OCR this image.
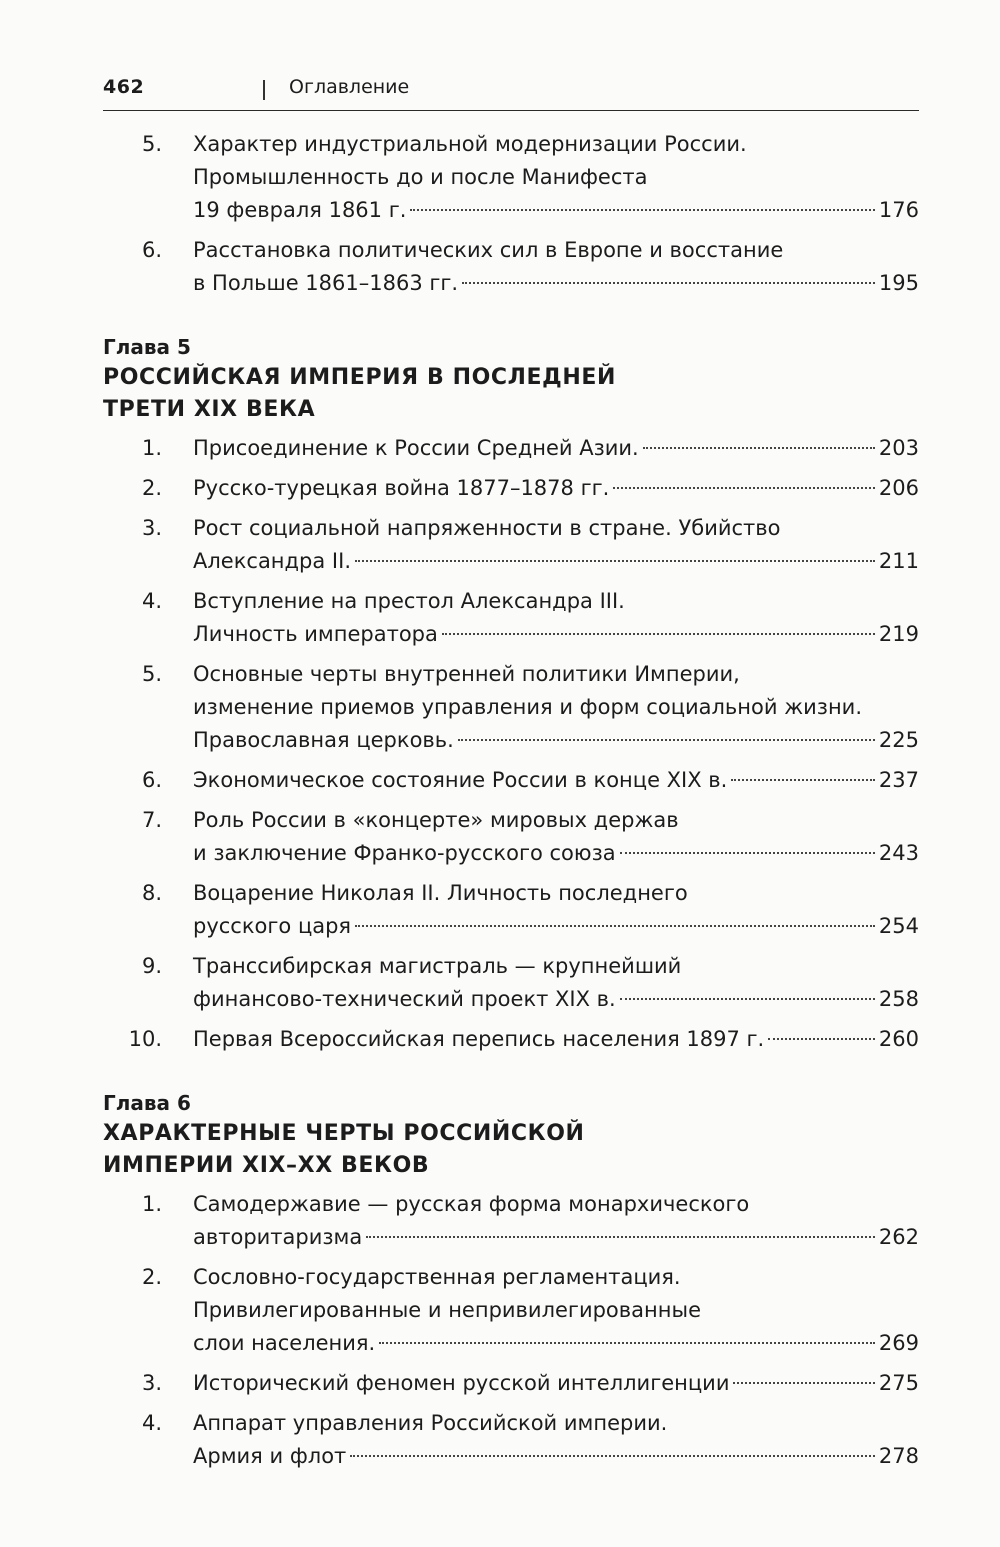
462	Оглавление
5. Характер индустриальной модернизации России.
Промышленность до и после Манифеста
19 февраля 1861 г.	176
6. Расстановка политических сил в Европе и восстание
в Польше 1861–1863 гг.	195
Глава 5
РОССИЙСКАЯ ИМПЕРИЯ В ПОСЛЕДНЕЙ
ТРЕТИ XIX ВЕКА
1. Присоединение к России Средней Азии.	203
2. Русско-турецкая война 1877–1878 гг.	206
3. Рост социальной напряженности в стране. Убийство
Александра II.	211
4. Вступление на престол Александра III.
Личность императора	219
5. Основные черты внутренней политики Империи,
изменение приемов управления и форм социальной жизни.
Православная церковь.	225
6. Экономическое состояние России в конце XIX в.	237
7. Роль России в «концерте» мировых держав
и заключение Франко-русского союза	243
8. Воцарение Николая II. Личность последнего
русского царя	254
9. Транссибирская магистраль — крупнейший
финансово-технический проект XIX в.	258
10. Первая Всероссийская перепись населения 1897 г.	260
Глава 6
ХАРАКТЕРНЫЕ ЧЕРТЫ РОССИЙСКОЙ
ИМПЕРИИ XIX–XX ВЕКОВ
1. Самодержавие — русская форма монархического
авторитаризма	262
2. Сословно-государственная регламентация.
Привилегированные и непривилегированные
слои населения.	269
3. Исторический феномен русской интеллигенции	275
4. Аппарат управления Российской империи.
Армия и флот	278
